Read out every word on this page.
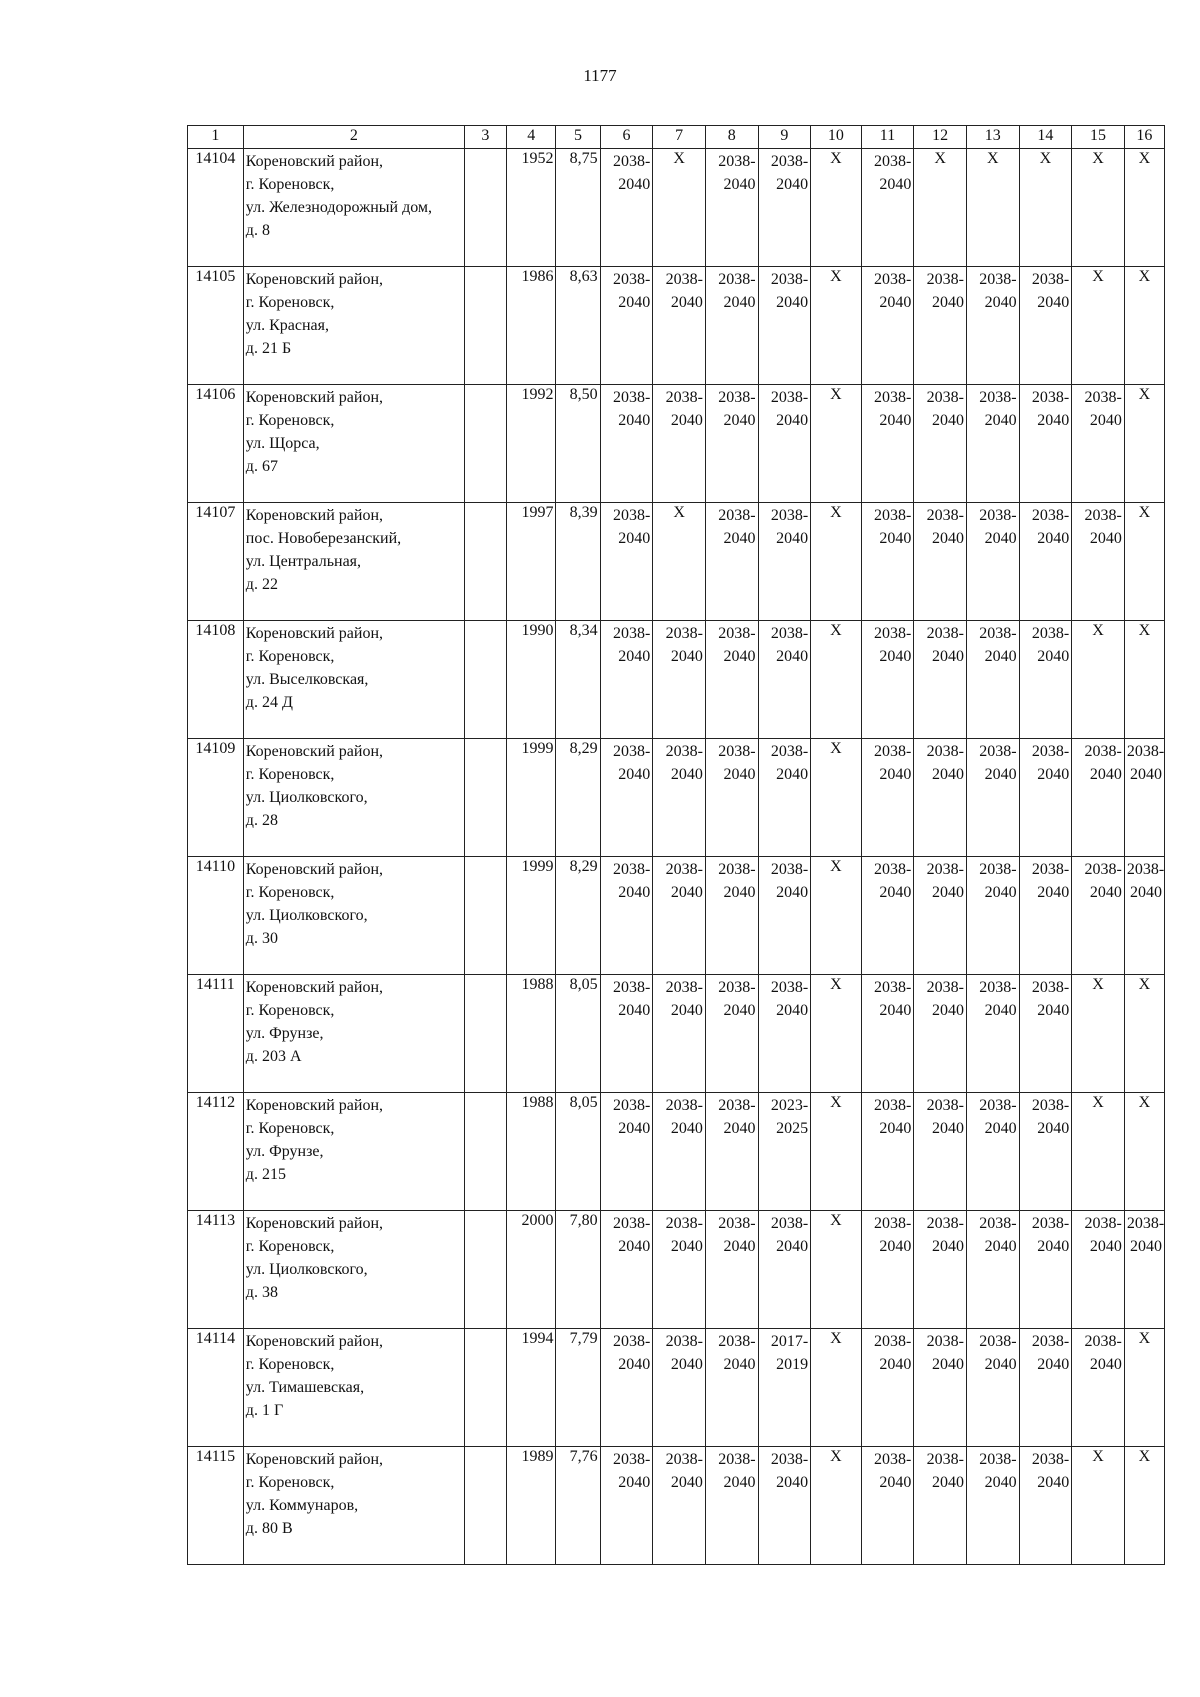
1177
1	2	3	4	5	6	7	8	9	10	11	12	13	14	15	16
14104	Кореновский район,
г. Кореновск,
ул. Железнодорожный дом,
д. 8		1952	8,75	2038-
2040	X	2038-
2040	2038-
2040	X	2038-
2040	X	X	X	X	X
14105	Кореновский район,
г. Кореновск,
ул. Красная,
д. 21 Б		1986	8,63	2038-
2040	2038-
2040	2038-
2040	2038-
2040	X	2038-
2040	2038-
2040	2038-
2040	2038-
2040	X	X
14106	Кореновский район,
г. Кореновск,
ул. Щорса,
д. 67		1992	8,50	2038-
2040	2038-
2040	2038-
2040	2038-
2040	X	2038-
2040	2038-
2040	2038-
2040	2038-
2040	2038-
2040	X
14107	Кореновский район,
пос. Новоберезанский,
ул. Центральная,
д. 22		1997	8,39	2038-
2040	X	2038-
2040	2038-
2040	X	2038-
2040	2038-
2040	2038-
2040	2038-
2040	2038-
2040	X
14108	Кореновский район,
г. Кореновск,
ул. Выселковская,
д. 24 Д		1990	8,34	2038-
2040	2038-
2040	2038-
2040	2038-
2040	X	2038-
2040	2038-
2040	2038-
2040	2038-
2040	X	X
14109	Кореновский район,
г. Кореновск,
ул. Циолковского,
д. 28		1999	8,29	2038-
2040	2038-
2040	2038-
2040	2038-
2040	X	2038-
2040	2038-
2040	2038-
2040	2038-
2040	2038-
2040	2038-
2040

14110	Кореновский район,
г. Кореновск,
ул. Циолковского,
д. 30		1999	8,29	2038-
2040	2038-
2040	2038-
2040	2038-
2040	X	2038-
2040	2038-
2040	2038-
2040	2038-
2040	2038-
2040	2038-
2040

14111	Кореновский район,
г. Кореновск,
ул. Фрунзе,
д. 203 А		1988	8,05	2038-
2040	2038-
2040	2038-
2040	2038-
2040	X	2038-
2040	2038-
2040	2038-
2040	2038-
2040	X	X
14112	Кореновский район,
г. Кореновск,
ул. Фрунзе,
д. 215		1988	8,05	2038-
2040	2038-
2040	2038-
2040	2023-
2025	X	2038-
2040	2038-
2040	2038-
2040	2038-
2040	X	X
14113	Кореновский район,
г. Кореновск,
ул. Циолковского,
д. 38		2000	7,80	2038-
2040	2038-
2040	2038-
2040	2038-
2040	X	2038-
2040	2038-
2040	2038-
2040	2038-
2040	2038-
2040	2038-
2040

14114	Кореновский район,
г. Кореновск,
ул. Тимашевская,
д. 1 Г		1994	7,79	2038-
2040	2038-
2040	2038-
2040	2017-
2019	X	2038-
2040	2038-
2040	2038-
2040	2038-
2040	2038-
2040	X
14115	Кореновский район,
г. Кореновск,
ул. Коммунаров,
д. 80 В		1989	7,76	2038-
2040	2038-
2040	2038-
2040	2038-
2040	X	2038-
2040	2038-
2040	2038-
2040	2038-
2040	X	X
